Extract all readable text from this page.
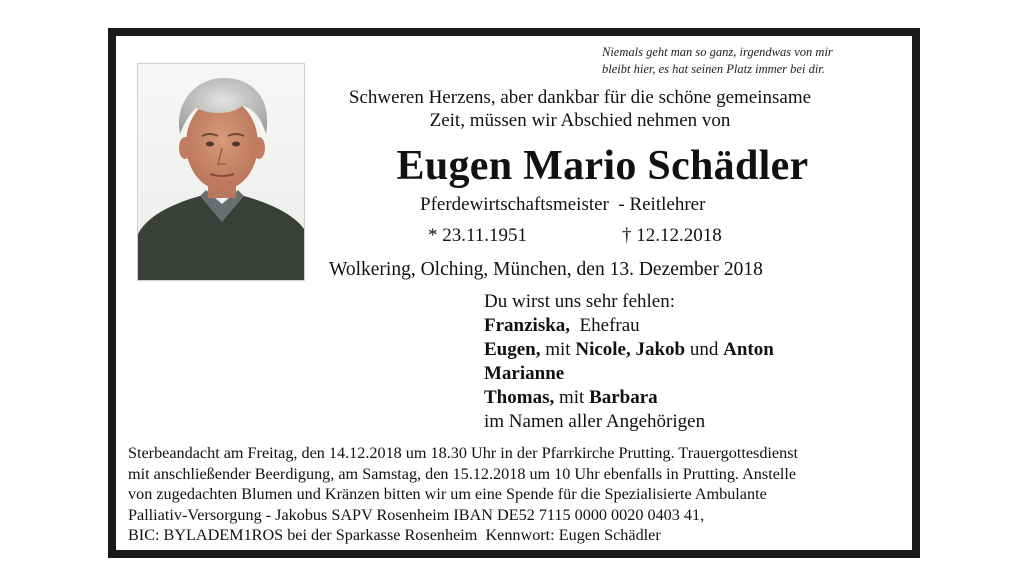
Niemals geht man so ganz, irgendwas von mir
bleibt hier, es hat seinen Platz immer bei dir.
Schweren Herzens, aber dankbar für die schöne gemeinsame
Zeit, müssen wir Abschied nehmen von
Eugen Mario Schädler
Pferdewirtschaftsmeister  - Reitlehrer
* 23.11.1951	† 12.12.2018
Wolkering, Olching, München, den 13. Dezember 2018
Du wirst uns sehr fehlen:
Franziska,  Ehefrau
Eugen, mit Nicole, Jakob und Anton
Marianne
Thomas, mit Barbara
im Namen aller Angehörigen
Sterbeandacht am Freitag, den 14.12.2018 um 18.30 Uhr in der Pfarrkirche Prutting. Trauergottesdienst
mit anschließender Beerdigung, am Samstag, den 15.12.2018 um 10 Uhr ebenfalls in Prutting. Anstelle
von zugedachten Blumen und Kränzen bitten wir um eine Spende für die Spezialisierte Ambulante
Palliativ-Versorgung - Jakobus SAPV Rosenheim IBAN DE52 7115 0000 0020 0403 41,
BIC: BYLADEM1ROS bei der Sparkasse Rosenheim  Kennwort: Eugen Schädler
